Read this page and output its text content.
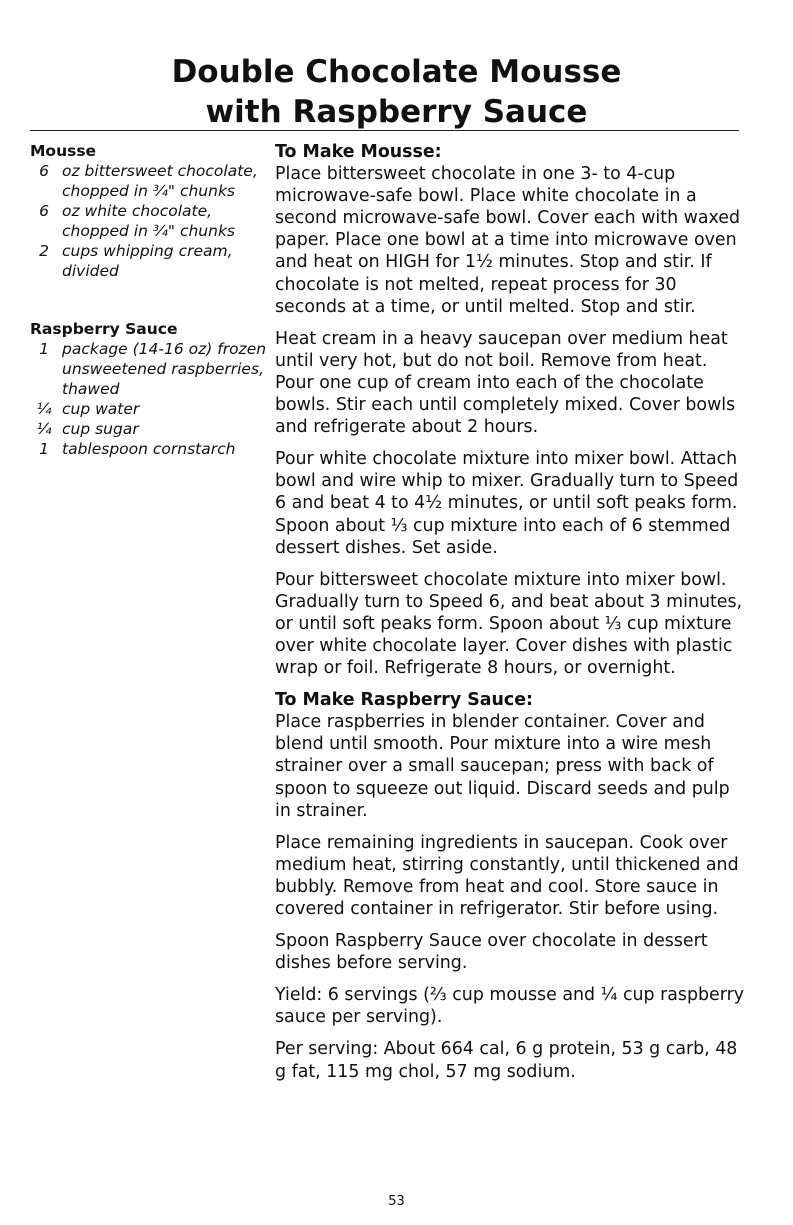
Double Chocolate Mousse
with Raspberry Sauce
Mousse
6 oz bittersweet chocolate, chopped in ¾" chunks
6 oz white chocolate, chopped in ¾" chunks
2 cups whipping cream, divided
Raspberry Sauce
1 package (14-16 oz) frozen unsweetened raspberries, thawed
¼ cup water
¼ cup sugar
1 tablespoon cornstarch
To Make Mousse:

Place bittersweet chocolate in one 3- to 4-cup microwave-safe bowl. Place white chocolate in a second microwave-safe bowl. Cover each with waxed paper. Place one bowl at a time into microwave oven and heat on HIGH for 1½ minutes. Stop and stir. If chocolate is not melted, repeat process for 30 seconds at a time, or until melted. Stop and stir.

Heat cream in a heavy saucepan over medium heat until very hot, but do not boil. Remove from heat. Pour one cup of cream into each of the chocolate bowls. Stir each until completely mixed. Cover bowls and refrigerate about 2 hours.

Pour white chocolate mixture into mixer bowl. Attach bowl and wire whip to mixer. Gradually turn to Speed 6 and beat 4 to 4½ minutes, or until soft peaks form. Spoon about ⅓ cup mixture into each of 6 stemmed dessert dishes. Set aside.

Pour bittersweet chocolate mixture into mixer bowl. Gradually turn to Speed 6, and beat about 3 minutes, or until soft peaks form. Spoon about ⅓ cup mixture over white chocolate layer. Cover dishes with plastic wrap or foil. Refrigerate 8 hours, or overnight.

To Make Raspberry Sauce:

Place raspberries in blender container. Cover and blend until smooth. Pour mixture into a wire mesh strainer over a small saucepan; press with back of spoon to squeeze out liquid. Discard seeds and pulp in strainer.

Place remaining ingredients in saucepan. Cook over medium heat, stirring constantly, until thickened and bubbly. Remove from heat and cool. Store sauce in covered container in refrigerator. Stir before using.

Spoon Raspberry Sauce over chocolate in dessert dishes before serving.

Yield: 6 servings (⅔ cup mousse and ¼ cup raspberry sauce per serving).

Per serving: About 664 cal, 6 g protein, 53 g carb, 48 g fat, 115 mg chol, 57 mg sodium.

53
